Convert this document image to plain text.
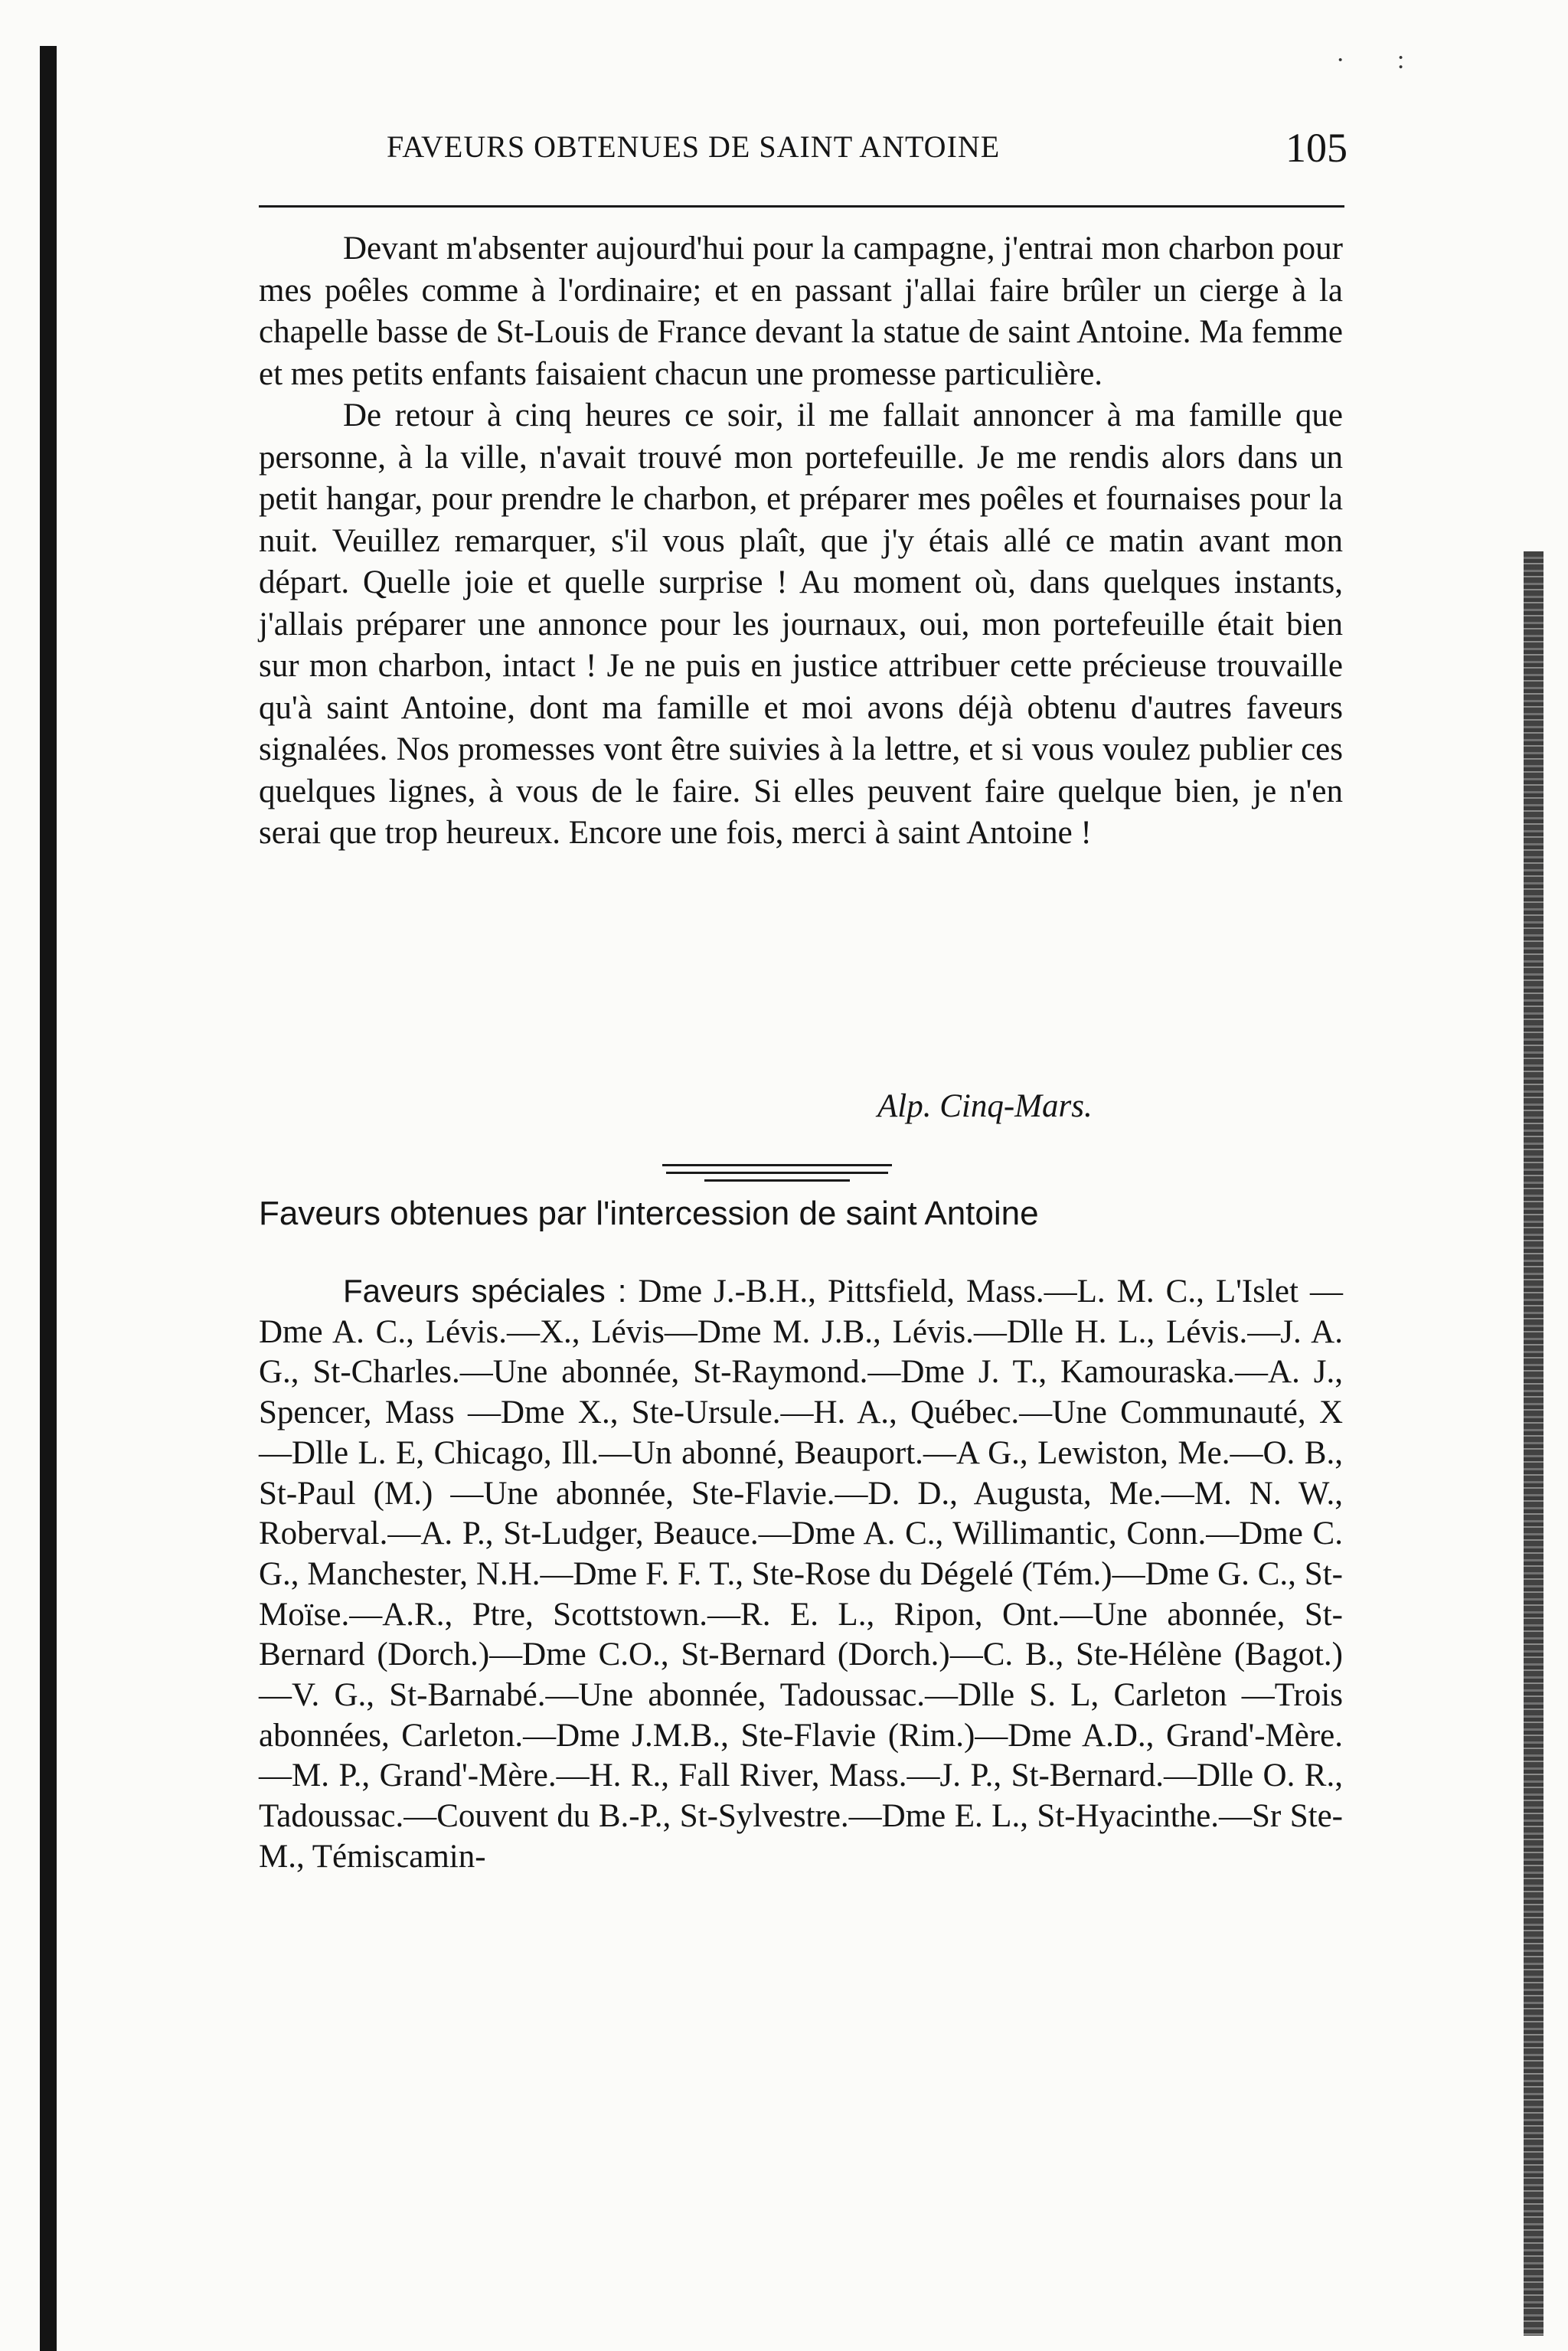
· :
FAVEURS OBTENUES DE SAINT ANTOINE	105

Devant m'absenter aujourd'hui pour la campagne, j'entrai mon charbon pour mes poêles comme à l'ordinaire; et en passant j'allai faire brûler un cierge à la chapelle basse de St-Louis de France devant la statue de saint Antoine. Ma femme et mes petits enfants faisaient chacun une promesse particulière.

De retour à cinq heures ce soir, il me fallait annoncer à ma famille que personne, à la ville, n'avait trouvé mon portefeuille. Je me rendis alors dans un petit hangar, pour prendre le charbon, et préparer mes poêles et fournaises pour la nuit. Veuillez remarquer, s'il vous plaît, que j'y étais allé ce matin avant mon départ. Quelle joie et quelle surprise ! Au moment où, dans quelques instants, j'allais préparer une annonce pour les journaux, oui, mon portefeuille était bien sur mon charbon, intact ! Je ne puis en justice attribuer cette précieuse trouvaille qu'à saint Antoine, dont ma famille et moi avons déjà obtenu d'autres faveurs signalées. Nos promesses vont être suivies à la lettre, et si vous voulez publier ces quelques lignes, à vous de le faire. Si elles peuvent faire quelque bien, je n'en serai que trop heureux. Encore une fois, merci à saint Antoine !

Alp. Cinq-Mars.
Faveurs obtenues par l'intercession de saint Antoine
Faveurs spéciales : Dme J.-B.H., Pittsfield, Mass.—L. M. C., L'Islet —Dme A. C., Lévis.—X., Lévis—Dme M. J.B., Lévis.—Dlle H. L., Lévis.—J. A. G., St-Charles.—Une abonnée, St-Raymond.—Dme J. T., Kamouraska.—A. J., Spencer, Mass —Dme X., Ste-Ursule.—H. A., Québec.—Une Communauté, X —Dlle L. E, Chicago, Ill.—Un abonné, Beauport.—A G., Lewiston, Me.—O. B., St-Paul (M.) —Une abonnée, Ste-Flavie.—D. D., Augusta, Me.—M. N. W., Roberval.—A. P., St-Ludger, Beauce.—Dme A. C., Willimantic, Conn.—Dme C. G., Manchester, N.H.—Dme F. F. T., Ste-Rose du Dégelé (Tém.)—Dme G. C., St-Moïse.—A.R., Ptre, Scottstown.—R. E. L., Ripon, Ont.—Une abonnée, St-Bernard (Dorch.)—Dme C.O., St-Bernard (Dorch.)—C. B., Ste-Hélène (Bagot.)—V. G., St-Barnabé.—Une abonnée, Tadoussac.—Dlle S. L, Carleton —Trois abonnées, Carleton.—Dme J.M.B., Ste-Flavie (Rim.)—Dme A.D., Grand'-Mère.—M. P., Grand'-Mère.—H. R., Fall River, Mass.—J. P., St-Bernard.—Dlle O. R., Tadoussac.—Couvent du B.-P., St-Sylvestre.—Dme E. L., St-Hyacinthe.—Sr Ste-M., Témiscamin-
